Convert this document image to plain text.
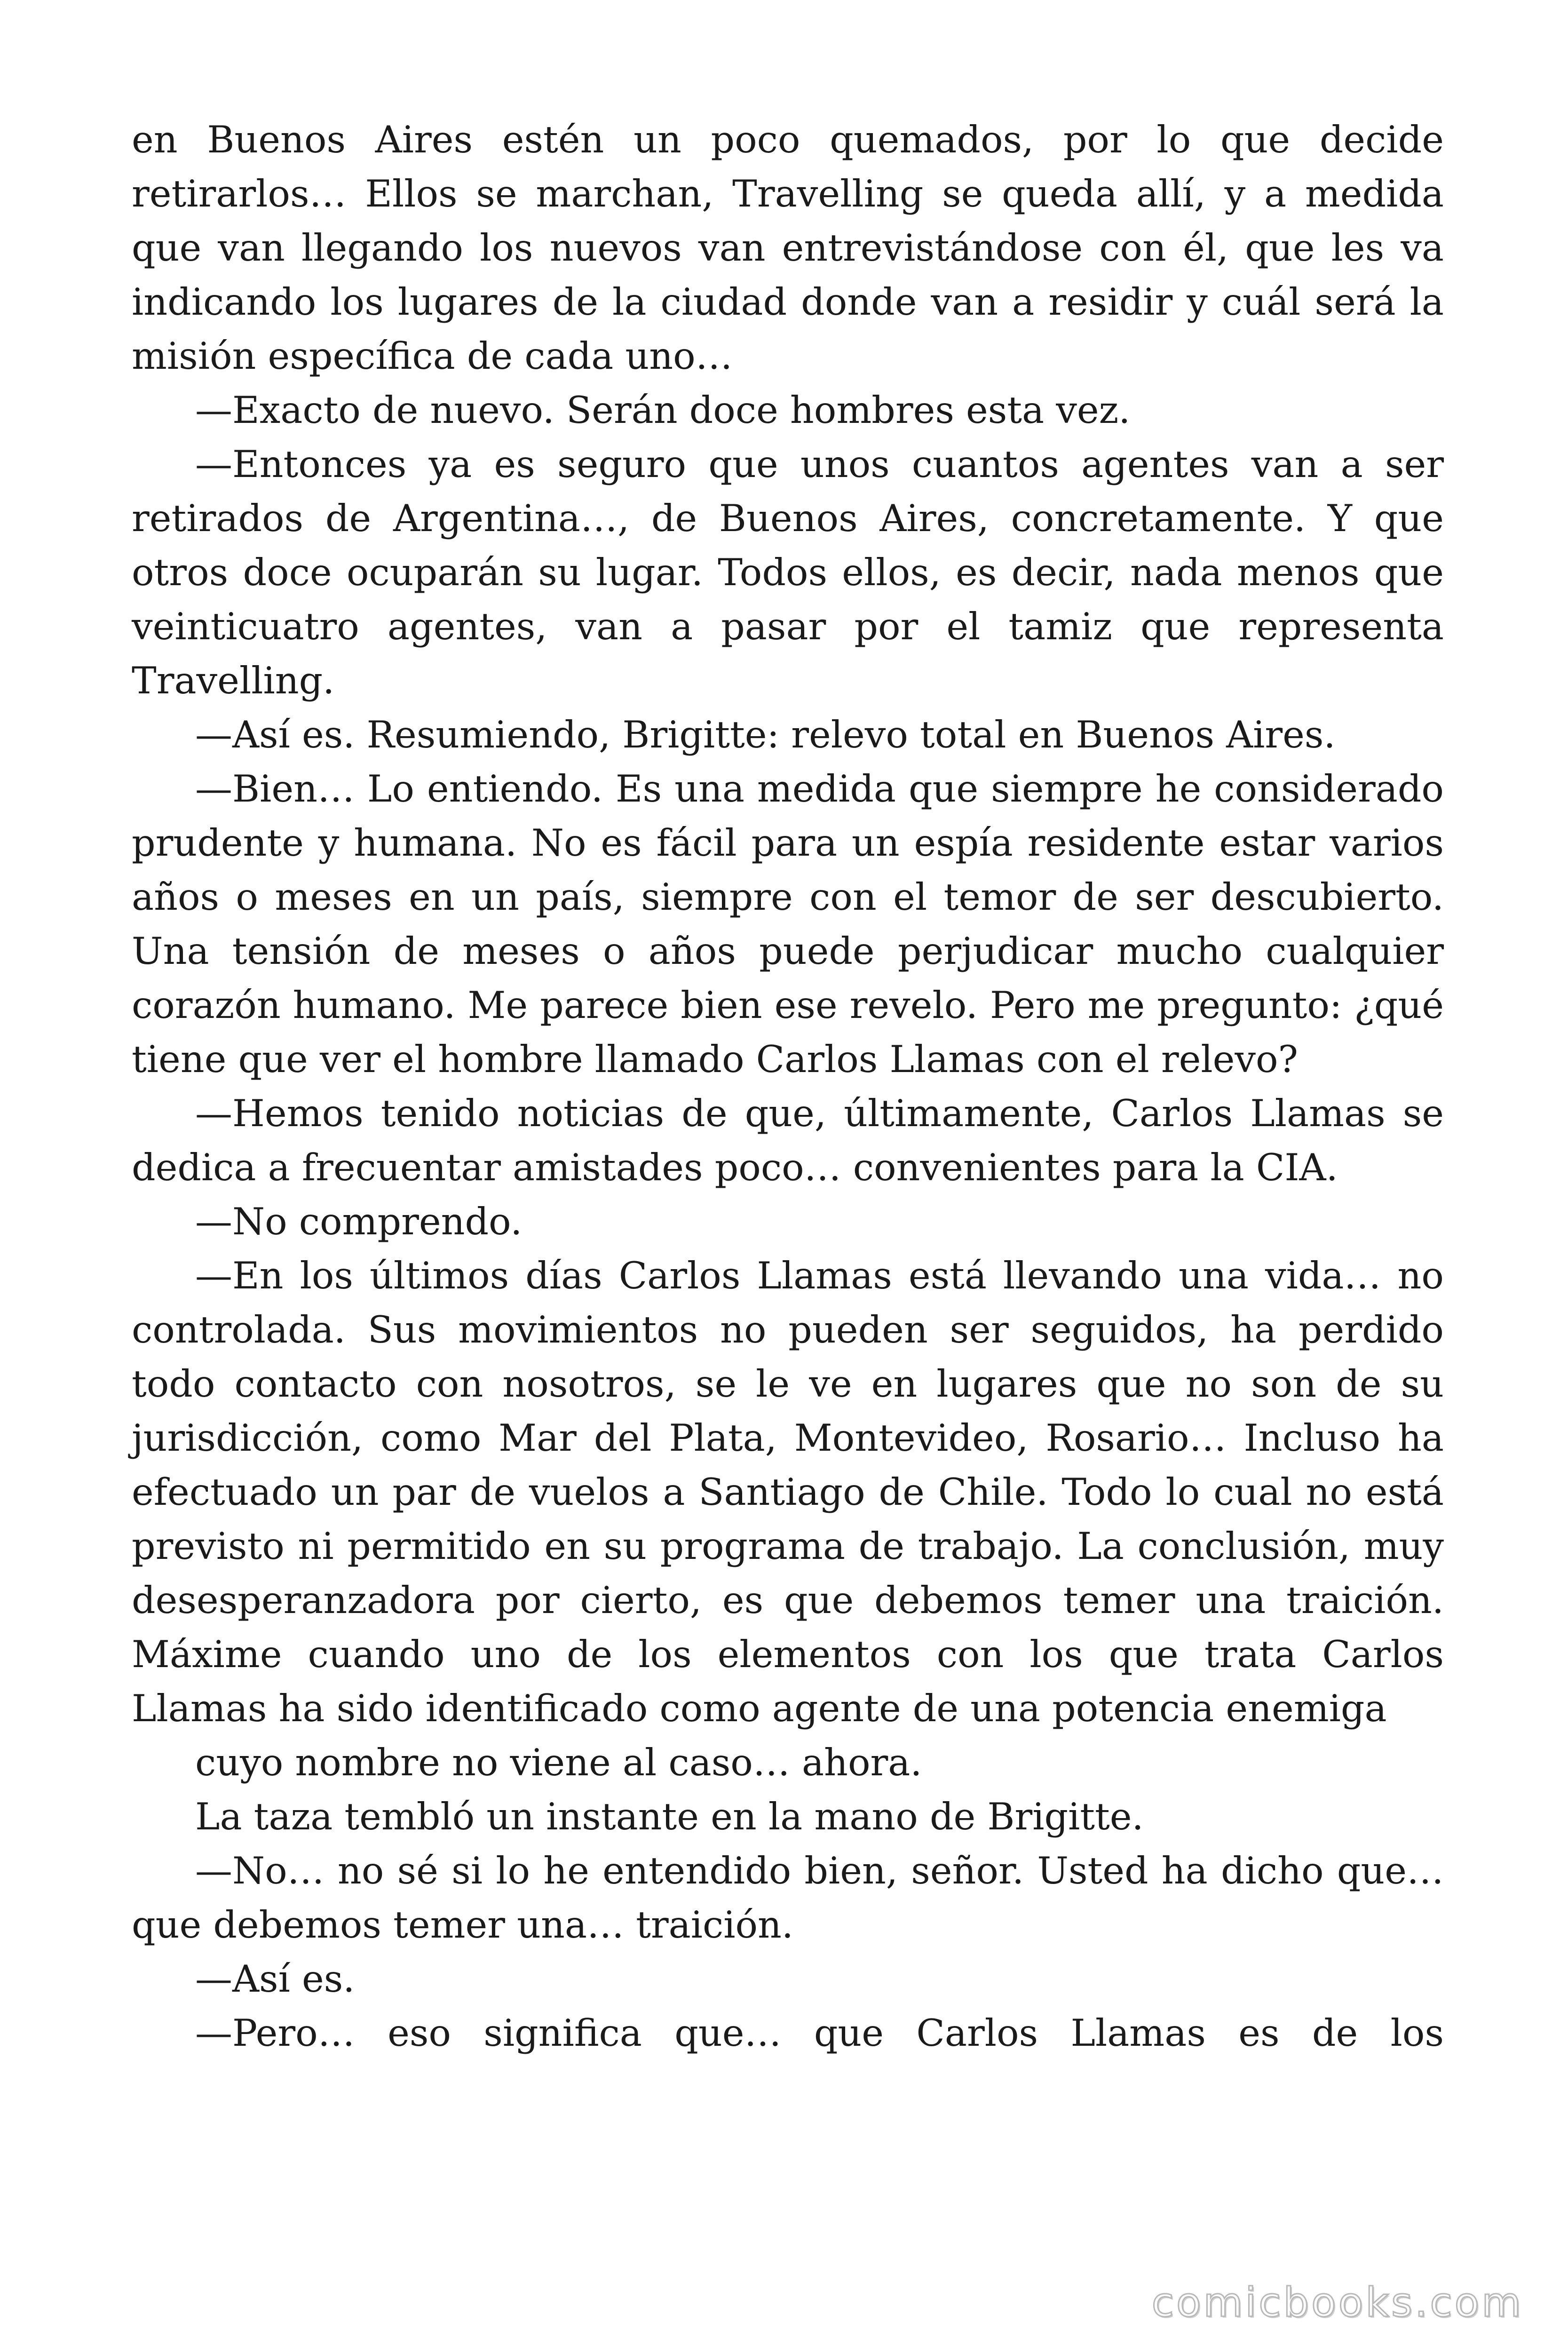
en Buenos Aires estén un poco quemados, por lo que decide retirarlos… Ellos se marchan, Travelling se queda allí, y a medida que van llegando los nuevos van entrevistándose con él, que les va indicando los lugares de la ciudad donde van a residir y cuál será la misión específica de cada uno…

—Exacto de nuevo. Serán doce hombres esta vez.

—Entonces ya es seguro que unos cuantos agentes van a ser retirados de Argentina…, de Buenos Aires, concretamente. Y que otros doce ocuparán su lugar. Todos ellos, es decir, nada menos que veinticuatro agentes, van a pasar por el tamiz que representa Travelling.

—Así es. Resumiendo, Brigitte: relevo total en Buenos Aires.

—Bien… Lo entiendo. Es una medida que siempre he considerado prudente y humana. No es fácil para un espía residente estar varios años o meses en un país, siempre con el temor de ser descubierto. Una tensión de meses o años puede perjudicar mucho cualquier corazón humano. Me parece bien ese revelo. Pero me pregunto: ¿qué tiene que ver el hombre llamado Carlos Llamas con el relevo?

—Hemos tenido noticias de que, últimamente, Carlos Llamas se dedica a frecuentar amistades poco… convenientes para la CIA.

—No comprendo.

—En los últimos días Carlos Llamas está llevando una vida… no controlada. Sus movimientos no pueden ser seguidos, ha perdido todo contacto con nosotros, se le ve en lugares que no son de su jurisdicción, como Mar del Plata, Montevideo, Rosario… Incluso ha efectuado un par de vuelos a Santiago de Chile. Todo lo cual no está previsto ni permitido en su programa de trabajo. La conclusión, muy desesperanzadora por cierto, es que debemos temer una traición. Máxime cuando uno de los elementos con los que trata Carlos Llamas ha sido identificado como agente de una potencia enemiga

cuyo nombre no viene al caso… ahora.

La taza tembló un instante en la mano de Brigitte.

—No… no sé si lo he entendido bien, señor. Usted ha dicho que… que debemos temer una… traición.

—Así es.

—Pero… eso significa que… que Carlos Llamas es de los

comicbooks.com
